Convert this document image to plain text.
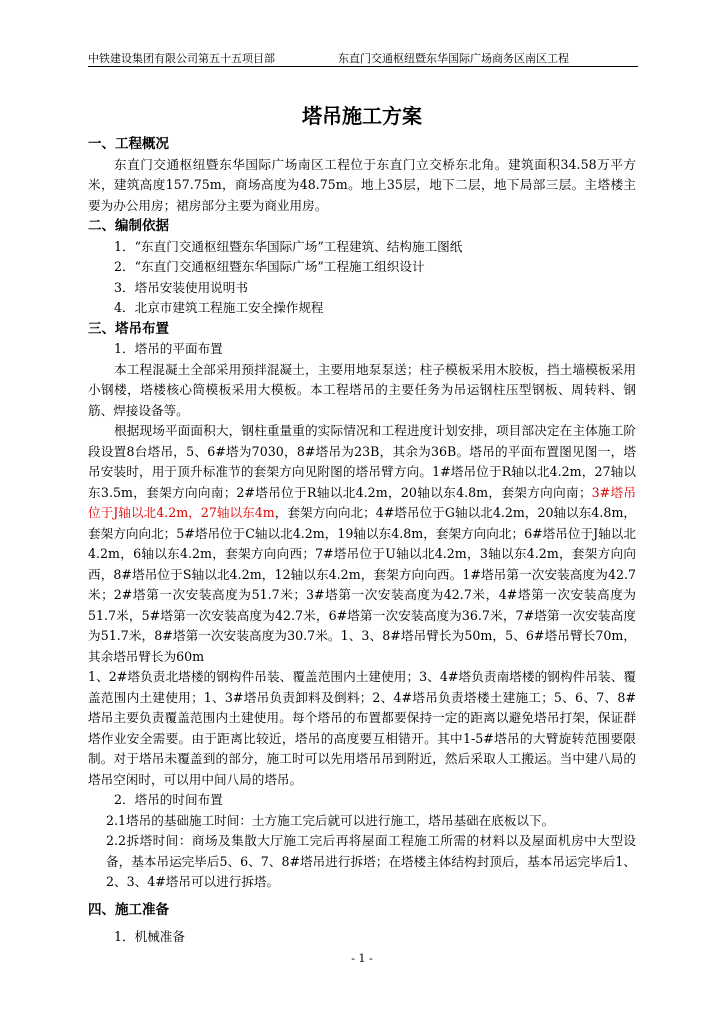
中铁建设集团有限公司第五十五项目部	东直门交通枢纽暨东华国际广场商务区南区工程
塔吊施工方案

一、工程概况

东直门交通枢纽暨东华国际广场南区工程位于东直门立交桥东北角。建筑面积34.58万平方米，建筑高度157.75m，商场高度为48.75m。地上35层，地下二层，地下局部三层。主塔楼主要为办公用房；裙房部分主要为商业用房。

二、编制依据

1．“东直门交通枢纽暨东华国际广场”工程建筑、结构施工图纸

2．“东直门交通枢纽暨东华国际广场”工程施工组织设计

3．塔吊安装使用说明书

4．北京市建筑工程施工安全操作规程

三、塔吊布置

1．塔吊的平面布置

本工程混凝土全部采用预拌混凝土，主要用地泵泵送；柱子模板采用木胶板，挡土墙模板采用小钢楼，塔楼核心筒模板采用大模板。本工程塔吊的主要任务为吊运钢柱压型钢板、周转料、钢筋、焊接设备等。

根据现场平面面积大，钢柱重量重的实际情况和工程进度计划安排，项目部决定在主体施工阶段设置8台塔吊，5、6#塔为7030，8#塔吊为23B，其余为36B。塔吊的平面布置图见图一，塔吊安装时，用于顶升标准节的套架方向见附图的塔吊臂方向。1#塔吊位于R轴以北4.2m，27轴以东3.5m，套架方向向南；2#塔吊位于R轴以北4.2m，20轴以东4.8m，套架方向向南；3#塔吊位于J轴以北4.2m，27轴以东4m，套架方向向北；4#塔吊位于G轴以北4.2m，20轴以东4.8m，套架方向向北；5#塔吊位于C轴以北4.2m，19轴以东4.8m，套架方向向北；6#塔吊位于J轴以北4.2m，6轴以东4.2m，套架方向向西；7#塔吊位于U轴以北4.2m，3轴以东4.2m，套架方向向西，8#塔吊位于S轴以北4.2m，12轴以东4.2m，套架方向向西。1#塔吊第一次安装高度为42.7米；2#塔第一次安装高度为51.7米；3#塔第一次安装高度为42.7米，4#塔第一次安装高度为51.7米，5#塔第一次安装高度为42.7米，6#塔第一次安装高度为36.7米，7#塔第一次安装高度为51.7米，8#塔第一次安装高度为30.7米。1、3、8#塔吊臂长为50m，5、6#塔吊臂长70m，其余塔吊臂长为60m

1、2#塔负责北塔楼的钢构件吊装、覆盖范围内土建使用；3、4#塔负责南塔楼的钢构件吊装、覆盖范围内土建使用；1、3#塔吊负责卸料及倒料；2、4#塔吊负责塔楼土建施工；5、6、7、8#塔吊主要负责覆盖范围内土建使用。每个塔吊的布置都要保持一定的距离以避免塔吊打架，保证群塔作业安全需要。由于距离比较近，塔吊的高度要互相错开。其中1-5#塔吊的大臂旋转范围要限制。对于塔吊未覆盖到的部分，施工时可以先用塔吊吊到附近，然后采取人工搬运。当中建八局的塔吊空闲时，可以用中间八局的塔吊。

2．塔吊的时间布置

2.1塔吊的基础施工时间：土方施工完后就可以进行施工，塔吊基础在底板以下。

2.2拆塔时间：商场及集散大厅施工完后再将屋面工程施工所需的材料以及屋面机房中大型设备，基本吊运完毕后5、6、7、8#塔吊进行拆塔；在塔楼主体结构封顶后，基本吊运完毕后1、2、3、4#塔吊可以进行拆塔。

四、施工准备

1．机械准备

- 1 -
